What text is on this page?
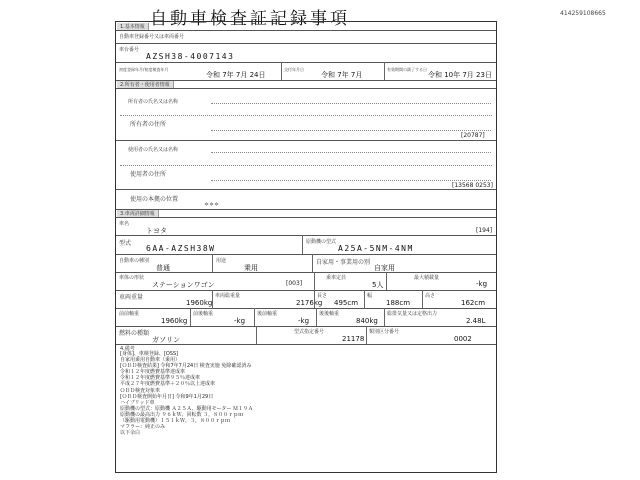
自動車検査証記録事項	414259108665
1.基本情報
自動車登録番号又は車両番号
車台番号
AZSH38-4007143
初度登録年月/初度検査年月
令和 7年 7月 24日
交付年月日
令和 7年 7月
有効期間の満了する日
令和 10年 7月 23日
2.所有者・使用者情報
所有者の氏名又は名称
所有者の住所
[20787]
使用者の氏名又は名称
使用者の住所
[13568 0253]
使用の本拠の位置
＊＊＊
3.車両詳細情報
車名
トヨタ	[194]
型式
6AA-AZSH38W
原動機の型式
A25A-5NM-4NM
自動車の種別
普通
用途
乗用
自家用・事業用の別
自家用
車体の形状
ステーションワゴン	[003]
乗車定員
5人
最大積載量
-kg
車両重量
1960kg
車両総重量
2176kg
長さ
495cm
幅
188cm
高さ
162cm
前前軸重
1960kg
前後軸重
-kg
後前軸重
-kg
後後軸重
840kg
総排気量又は定格出力
2.48L
燃料の種類
ガソリン
型式指定番号
21178
類別区分番号
0002
4.備考
[身体]、車検登録、[OSS]
自家用乗用自動車（乗用）
[ＯＢＤ検査結果] 令和7年7月24日 検査実施 免除確認済み
令和１２年度燃費基準達成車
令和１２年度燃費基準９５％達成車
平成２７年度燃費基準＋２０％以上達成車
ＯＢＤ検査対象車
[ＯＢＤ検査開始年月日] 令和9年1月29日
ハイブリッド車
原動機の型式：原動機 Ａ２５Ａ、駆動用モーター Ｍ１９Ａ
原動機の最高出力 ９６ｋＷ、回転数 ３，８００ｒｐｍ
（駆動用電動機）１５１ｋＷ、３，８００ｒｐｍ
マフラー：純正のみ
以下余白
